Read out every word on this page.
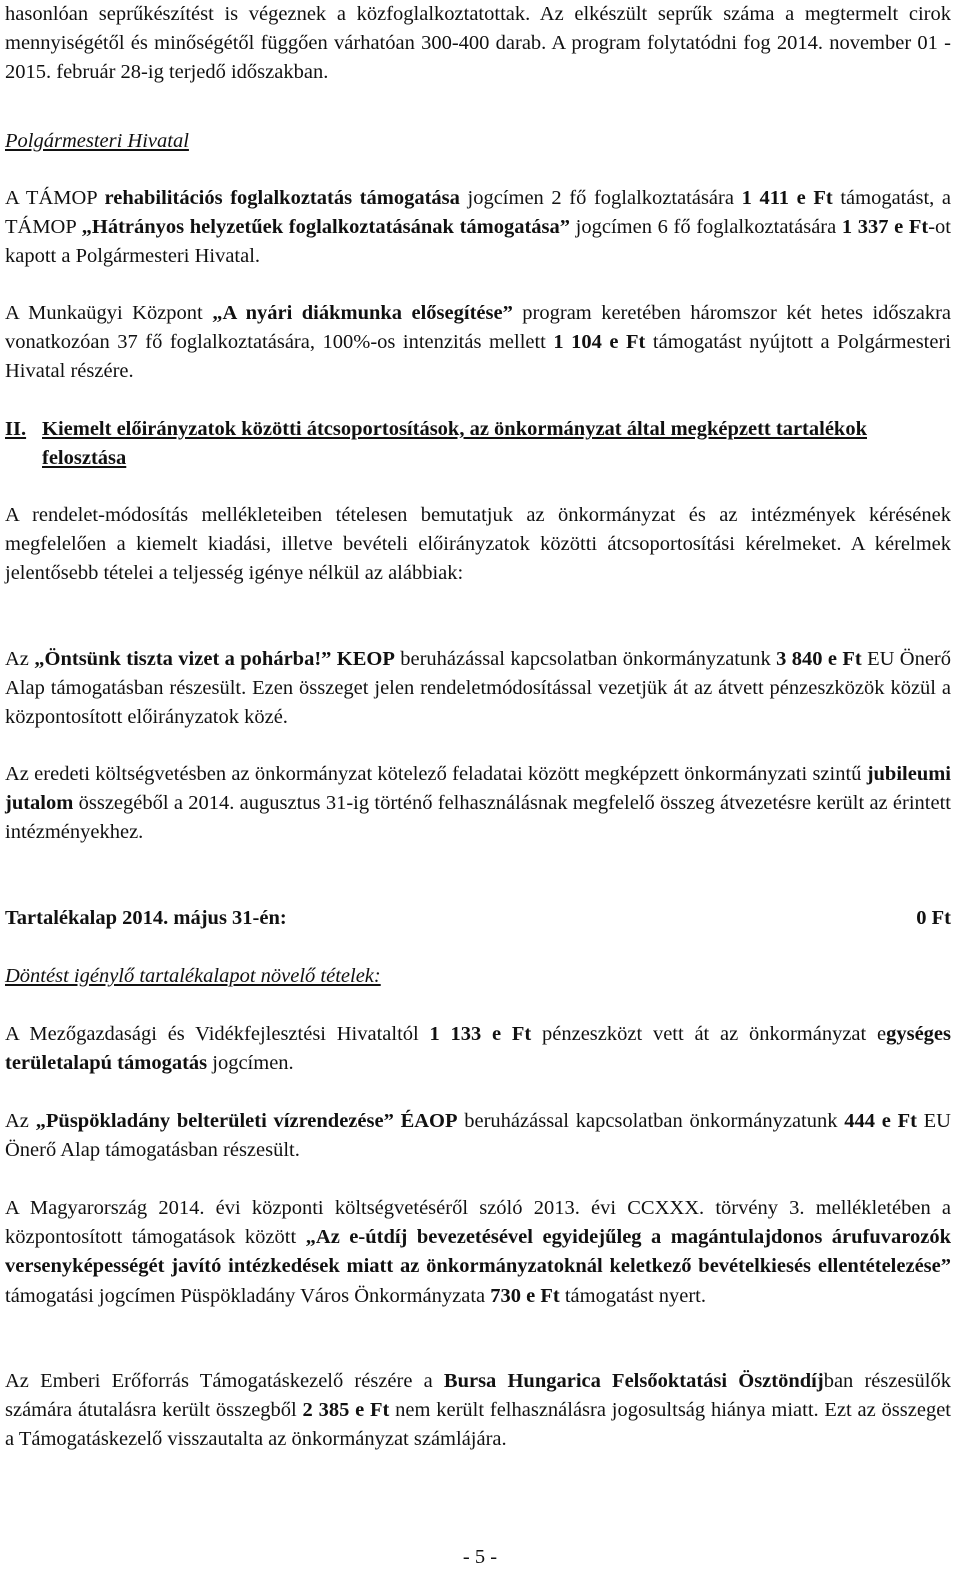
hasonlóan seprűkészítést is végeznek a közfoglalkoztatottak. Az elkészült seprűk száma a megtermelt cirok mennyiségétől és minőségétől függően várhatóan 300-400 darab. A program folytatódni fog 2014. november 01 - 2015. február 28-ig terjedő időszakban.

Polgármesteri Hivatal

A TÁMOP rehabilitációs foglalkoztatás támogatása jogcímen 2 fő foglalkoztatására 1 411 e Ft támogatást, a TÁMOP „Hátrányos helyzetűek foglalkoztatásának támogatása” jogcímen 6 fő foglalkoztatására 1 337 e Ft-ot kapott a Polgármesteri Hivatal.

A Munkaügyi Központ „A nyári diákmunka elősegítése” program keretében háromszor két hetes időszakra vonatkozóan 37 fő foglalkoztatására, 100%-os intenzitás mellett 1 104 e Ft támogatást nyújtott a Polgármesteri Hivatal részére.

II. Kiemelt előirányzatok közötti átcsoportosítások, az önkormányzat által megképzett tartalékok felosztása

A rendelet-módosítás mellékleteiben tételesen bemutatjuk az önkormányzat és az intézmények kérésének megfelelően a kiemelt kiadási, illetve bevételi előirányzatok közötti átcsoportosítási kérelmeket. A kérelmek jelentősebb tételei a teljesség igénye nélkül az alábbiak:

Az „Öntsünk tiszta vizet a pohárba!” KEOP beruházással kapcsolatban önkormányzatunk 3 840 e Ft EU Önerő Alap támogatásban részesült. Ezen összeget jelen rendeletmódosítással vezetjük át az átvett pénzeszközök közül a központosított előirányzatok közé.

Az eredeti költségvetésben az önkormányzat kötelező feladatai között megképzett önkormányzati szintű jubileumi jutalom összegéből a 2014. augusztus 31-ig történő felhasználásnak megfelelő összeg átvezetésre került az érintett intézményekhez.

Tartalékalap 2014. május 31-én:	0 Ft

Döntést igénylő tartalékalapot növelő tételek:

A Mezőgazdasági és Vidékfejlesztési Hivataltól 1 133 e Ft pénzeszközt vett át az önkormányzat egységes területalapú támogatás jogcímen.

Az „Püspökladány belterületi vízrendezése” ÉAOP beruházással kapcsolatban önkormányzatunk 444 e Ft EU Önerő Alap támogatásban részesült.

A Magyarország 2014. évi központi költségvetéséről szóló 2013. évi CCXXX. törvény 3. mellékletében a központosított támogatások között „Az e-útdíj bevezetésével egyidejűleg a magántulajdonos árufuvarozók versenyképességét javító intézkedések miatt az önkormányzatoknál keletkező bevételkiesés ellentételezése” támogatási jogcímen Püspökladány Város Önkormányzata 730 e Ft támogatást nyert.

Az Emberi Erőforrás Támogatáskezelő részére a Bursa Hungarica Felsőoktatási Ösztöndíjban részesülők számára átutalásra került összegből 2 385 e Ft nem került felhasználásra jogosultság hiánya miatt. Ezt az összeget a Támogatáskezelő visszautalta az önkormányzat számlájára.

- 5 -
